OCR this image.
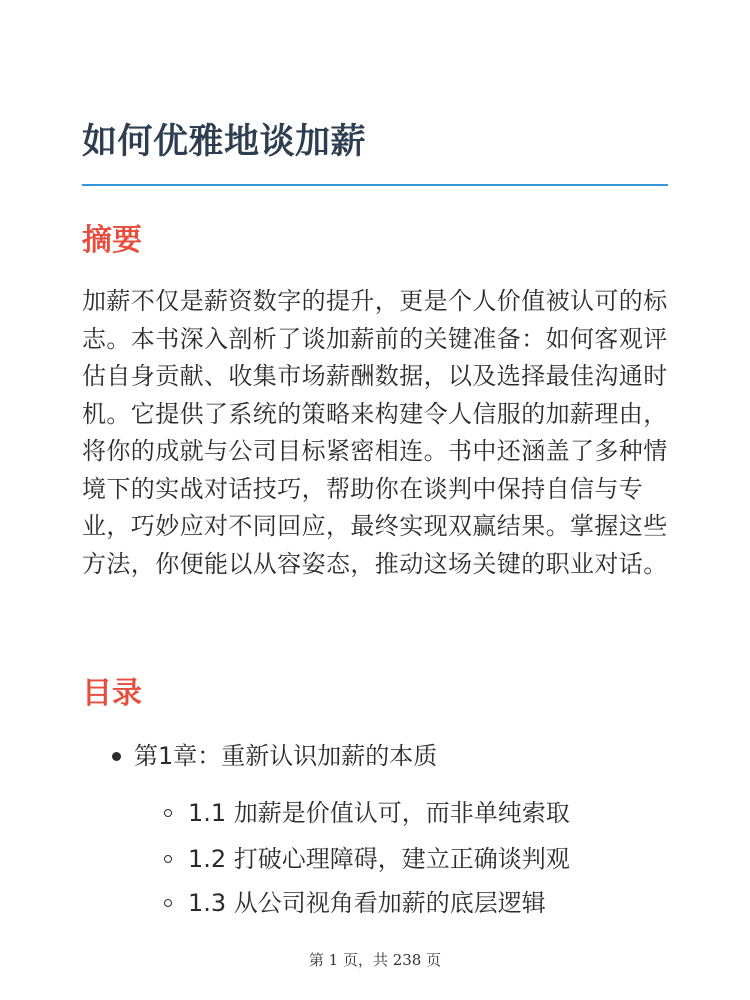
如何优雅地谈加薪
摘要

加薪不仅是薪资数字的提升，更是个人价值被认可的标志。本书深入剖析了谈加薪前的关键准备：如何客观评估自身贡献、收集市场薪酬数据，以及选择最佳沟通时机。它提供了系统的策略来构建令人信服的加薪理由，将你的成就与公司目标紧密相连。书中还涵盖了多种情境下的实战对话技巧，帮助你在谈判中保持自信与专业，巧妙应对不同回应，最终实现双赢结果。掌握这些方法，你便能以从容姿态，推动这场关键的职业对话。

目录
第1章：重新认识加薪的本质
1.1 加薪是价值认可，而非单纯索取
1.2 打破心理障碍，建立正确谈判观
1.3 从公司视角看加薪的底层逻辑
第 1 页，共 238 页
